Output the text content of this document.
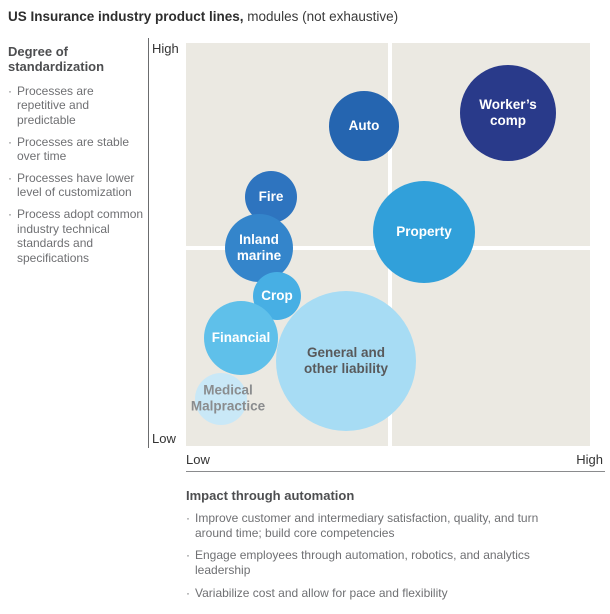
US Insurance industry product lines, modules (not exhaustive)
Degree of standardization
· Processes are repetitive and predictable
· Processes are stable over time
· Processes have lower level of customization
· Process adopt common industry technical standards and specifications
High
Low
General and
other liability
Medical
Malpractice
Fire
Inland
marine
Crop
Financial
Auto
Property
Worker’s
comp
Low	High
Impact through automation
· Improve customer and intermediary satisfaction, quality, and turn around time; build core competencies
· Engage employees through automation, robotics, and analytics leadership
· Variabilize cost and allow for pace and flexibility
